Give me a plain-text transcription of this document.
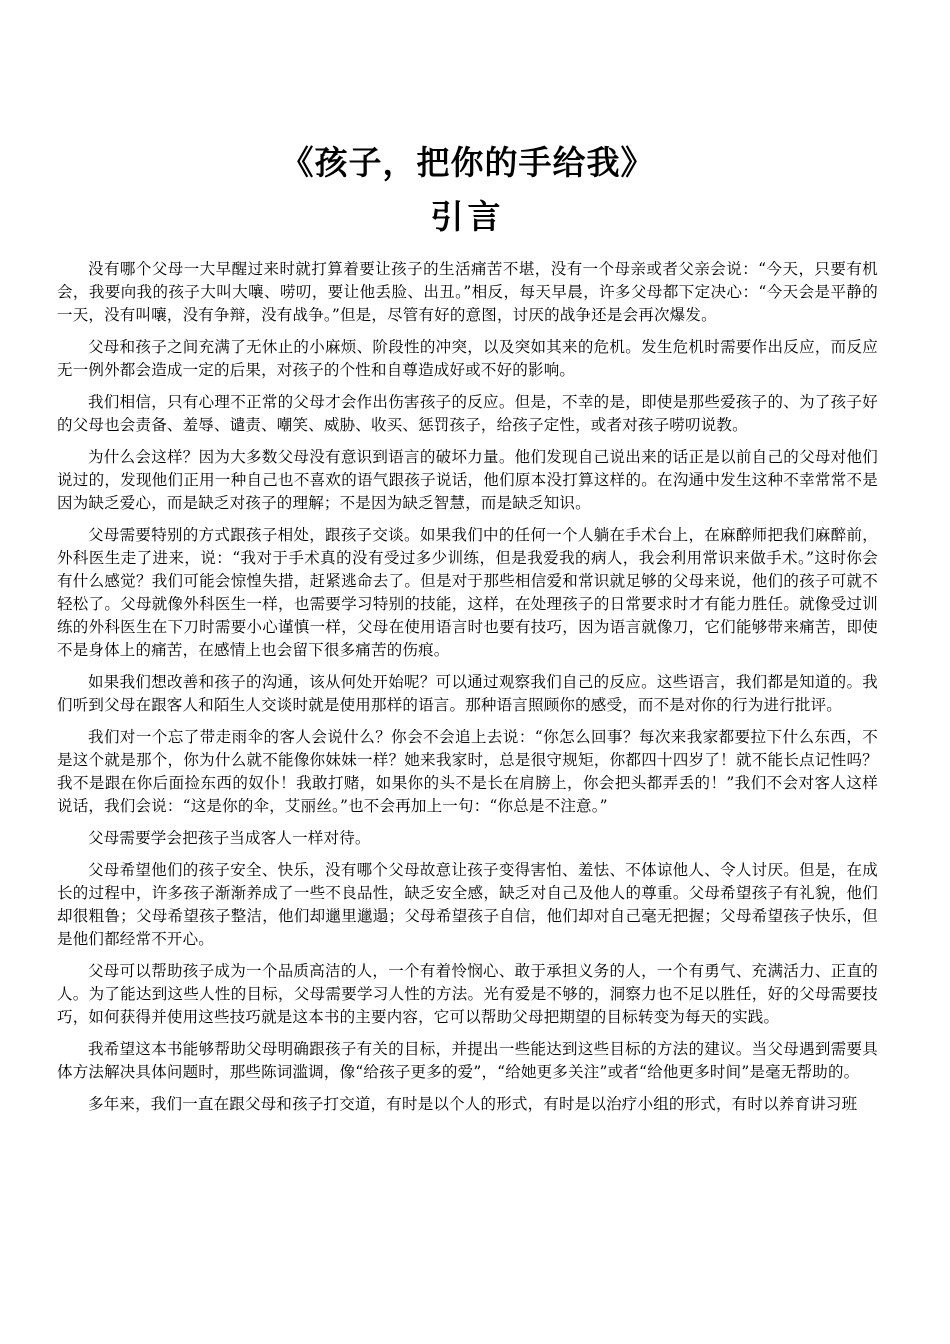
《孩子，把你的手给我》
引言

没有哪个父母一大早醒过来时就打算着要让孩子的生活痛苦不堪，没有一个母亲或者父亲会说：“今天，只要有机会，我要向我的孩子大叫大嚷、唠叨，要让他丢脸、出丑。”相反，每天早晨，许多父母都下定决心：“今天会是平静的一天，没有叫嚷，没有争辩，没有战争。”但是，尽管有好的意图，讨厌的战争还是会再次爆发。

父母和孩子之间充满了无休止的小麻烦、阶段性的冲突，以及突如其来的危机。发生危机时需要作出反应，而反应无一例外都会造成一定的后果，对孩子的个性和自尊造成好或不好的影响。

我们相信，只有心理不正常的父母才会作出伤害孩子的反应。但是，不幸的是，即使是那些爱孩子的、为了孩子好的父母也会责备、羞辱、谴责、嘲笑、威胁、收买、惩罚孩子，给孩子定性，或者对孩子唠叨说教。

为什么会这样？因为大多数父母没有意识到语言的破坏力量。他们发现自己说出来的话正是以前自己的父母对他们说过的，发现他们正用一种自己也不喜欢的语气跟孩子说话，他们原本没打算这样的。在沟通中发生这种不幸常常不是因为缺乏爱心，而是缺乏对孩子的理解；不是因为缺乏智慧，而是缺乏知识。

父母需要特别的方式跟孩子相处，跟孩子交谈。如果我们中的任何一个人躺在手术台上，在麻醉师把我们麻醉前，外科医生走了进来，说：“我对于手术真的没有受过多少训练，但是我爱我的病人，我会利用常识来做手术。”这时你会有什么感觉？我们可能会惊惶失措，赶紧逃命去了。但是对于那些相信爱和常识就足够的父母来说，他们的孩子可就不轻松了。父母就像外科医生一样，也需要学习特别的技能，这样，在处理孩子的日常要求时才有能力胜任。就像受过训练的外科医生在下刀时需要小心谨慎一样，父母在使用语言时也要有技巧，因为语言就像刀，它们能够带来痛苦，即使不是身体上的痛苦，在感情上也会留下很多痛苦的伤痕。

如果我们想改善和孩子的沟通，该从何处开始呢？可以通过观察我们自己的反应。这些语言，我们都是知道的。我们听到父母在跟客人和陌生人交谈时就是使用那样的语言。那种语言照顾你的感受，而不是对你的行为进行批评。

我们对一个忘了带走雨伞的客人会说什么？你会不会追上去说：“你怎么回事？每次来我家都要拉下什么东西，不是这个就是那个，你为什么就不能像你妹妹一样？她来我家时，总是很守规矩，你都四十四岁了！就不能长点记性吗？我不是跟在你后面捡东西的奴仆！我敢打赌，如果你的头不是长在肩膀上，你会把头都弄丢的！”我们不会对客人这样说话，我们会说：“这是你的伞，艾丽丝。”也不会再加上一句：“你总是不注意。”

父母需要学会把孩子当成客人一样对待。

父母希望他们的孩子安全、快乐，没有哪个父母故意让孩子变得害怕、羞怯、不体谅他人、令人讨厌。但是，在成长的过程中，许多孩子渐渐养成了一些不良品性，缺乏安全感，缺乏对自己及他人的尊重。父母希望孩子有礼貌，他们却很粗鲁；父母希望孩子整洁，他们却邋里邋遢；父母希望孩子自信，他们却对自己毫无把握；父母希望孩子快乐，但是他们都经常不开心。

父母可以帮助孩子成为一个品质高洁的人，一个有着怜悯心、敢于承担义务的人，一个有勇气、充满活力、正直的人。为了能达到这些人性的目标，父母需要学习人性的方法。光有爱是不够的，洞察力也不足以胜任，好的父母需要技巧，如何获得并使用这些技巧就是这本书的主要内容，它可以帮助父母把期望的目标转变为每天的实践。

我希望这本书能够帮助父母明确跟孩子有关的目标，并提出一些能达到这些目标的方法的建议。当父母遇到需要具体方法解决具体问题时，那些陈词滥调，像“给孩子更多的爱”，“给她更多关注”或者“给他更多时间”是毫无帮助的。

多年来，我们一直在跟父母和孩子打交道，有时是以个人的形式，有时是以治疗小组的形式，有时以养育讲习班
